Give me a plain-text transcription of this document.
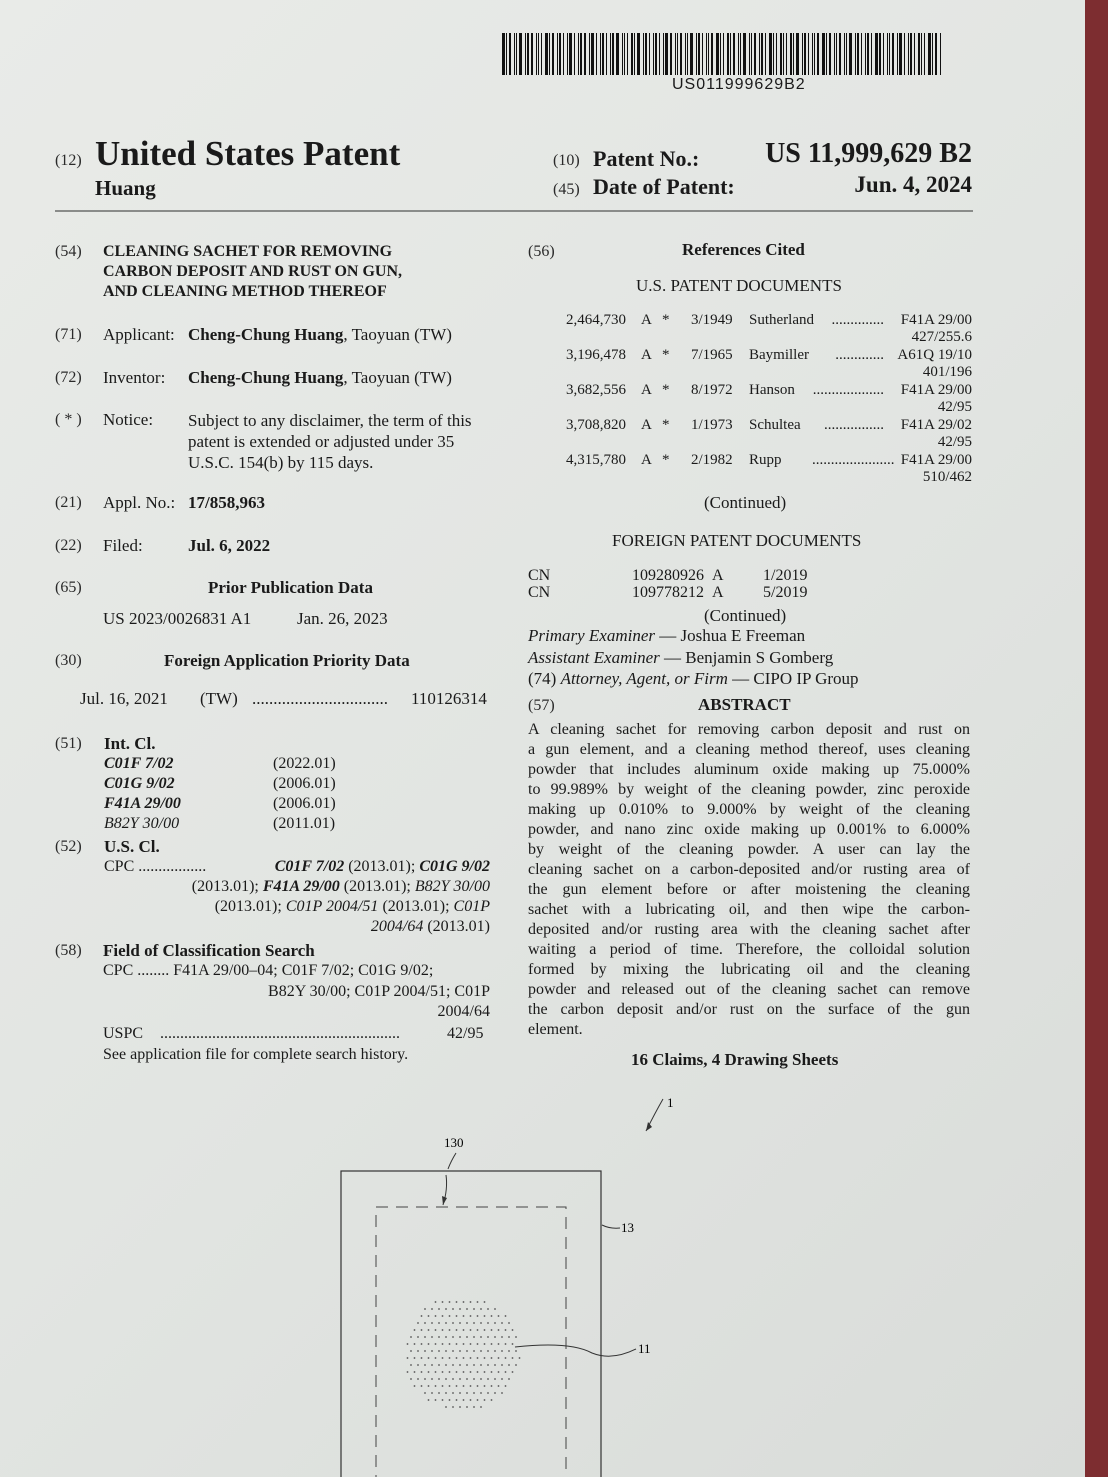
US011999629B2
(12) United States Patent
Huang
(10) Patent No.:	US 11,999,629 B2
(45) Date of Patent:	Jun. 4, 2024
(54) CLEANING SACHET FOR REMOVING
CARBON DEPOSIT AND RUST ON GUN,
AND CLEANING METHOD THEREOF
(71) Applicant: Cheng-Chung Huang, Taoyuan (TW)
(72) Inventor: Cheng-Chung Huang, Taoyuan (TW)
( * ) Notice: Subject to any disclaimer, the term of this
patent is extended or adjusted under 35
U.S.C. 154(b) by 115 days.
(21) Appl. No.: 17/858,963
(22) Filed:	Jul. 6, 2022
(65)	Prior Publication Data
US 2023/0026831 A1	Jan. 26, 2023
(30)	Foreign Application Priority Data
Jul. 16, 2021 (TW) ................................ 110126314
(51) Int. Cl.
C01F 7/02	(2022.01)
C01G 9/02	(2006.01)
F41A 29/00	(2006.01)
B82Y 30/00	(2011.01)
(52) U.S. Cl.
CPC .................	C01F 7/02 (2013.01); C01G 9/02
(2013.01); F41A 29/00 (2013.01); B82Y 30/00
(2013.01); C01P 2004/51 (2013.01); C01P
2004/64 (2013.01)
(58) Field of Classification Search
CPC ........ F41A 29/00–04; C01F 7/02; C01G 9/02;
B82Y 30/00; C01P 2004/51; C01P
2004/64
USPC ............................................................	42/95
See application file for complete search history.
(56)	References Cited
U.S. PATENT DOCUMENTS
(Continued)
FOREIGN PATENT DOCUMENTS
CN	109280926 A 1/2019
CN	109778212 A 5/2019
(Continued)
Primary Examiner — Joshua E Freeman
Assistant Examiner — Benjamin S Gomberg
(74) Attorney, Agent, or Firm — CIPO IP Group
(57)	ABSTRACT
A cleaning sachet for removing carbon deposit and rust on
a gun element, and a cleaning method thereof, uses cleaning
powder that includes aluminum oxide making up 75.000%
to 99.989% by weight of the cleaning powder, zinc peroxide
making up 0.010% to 9.000% by weight of the cleaning
powder, and nano zinc oxide making up 0.001% to 6.000%
by weight of the cleaning powder. A user can lay the
cleaning sachet on a carbon-deposited and/or rusting area of
the gun element before or after moistening the cleaning
sachet with a lubricating oil, and then wipe the carbon-
deposited and/or rusting area with the cleaning sachet after
waiting a period of time. Therefore, the colloidal solution
formed by mixing the lubricating oil and the cleaning
powder and released out of the cleaning sachet can remove
the carbon deposit and/or rust on the surface of the gun
element.
16 Claims, 4 Drawing Sheets
1
130
13
11
2,464,730 A * 3/1949 Sutherland	..............	F41A 29/00
427/255.6
3,196,478 A * 7/1965 Baymiller	............. A61Q 19/10
401/196
3,682,556 A * 8/1972 Hanson ...................	F41A 29/00
42/95
3,708,820 A * 1/1973 Schultea	................	F41A 29/02
42/95
4,315,780 A * 2/1982 Rupp ...................... F41A 29/00
510/462
